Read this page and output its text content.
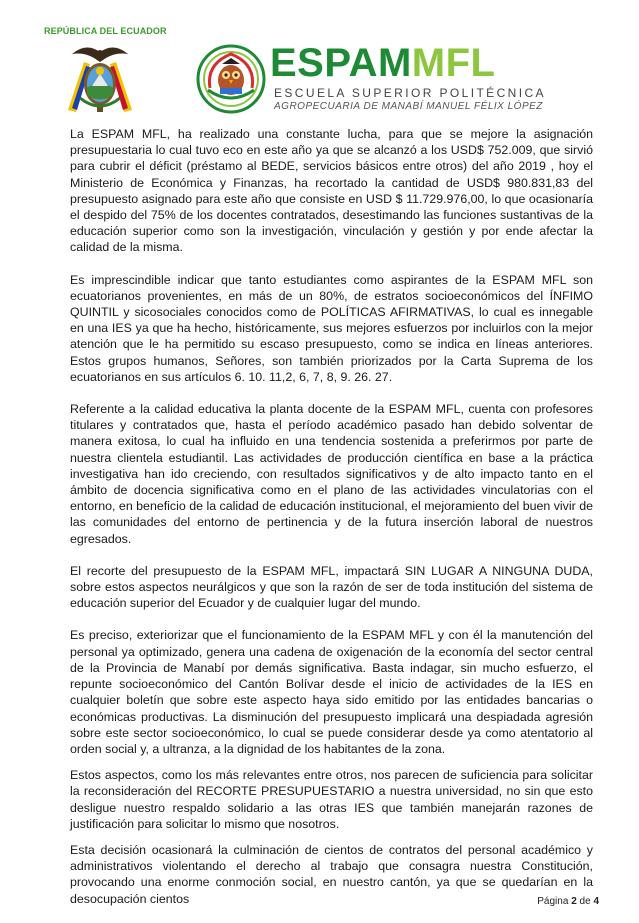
REPÚBLICA DEL ECUADOR
ESPAMMFL
ESCUELA SUPERIOR POLITÉCNICA
AGROPECUARIA DE MANABÍ MANUEL FÉLIX LÓPEZ

La ESPAM MFL, ha realizado una constante lucha, para que se mejore la asignación presupuestaria lo cual tuvo eco en este año ya que se alcanzó a los USD$ 752.009, que sirvió para cubrir el déficit (préstamo al BEDE, servicios básicos entre otros) del año 2019 , hoy el Ministerio de Económica y Finanzas, ha recortado la cantidad de USD$ 980.831,83 del presupuesto asignado para este año que consiste en USD $ 11.729.976,00, lo que ocasionaría el despido del 75% de los docentes contratados, desestimando las funciones sustantivas de la educación superior como son la investigación, vinculación y gestión y por ende afectar la calidad de la misma.

Es imprescindible indicar que tanto estudiantes como aspirantes de la ESPAM MFL son ecuatorianos provenientes, en más de un 80%, de estratos socioeconómicos del ÍNFIMO QUINTIL y sicosociales conocidos como de POLÍTICAS AFIRMATIVAS, lo cual es innegable en una IES ya que ha hecho, históricamente, sus mejores esfuerzos por incluirlos con la mejor atención que le ha permitido su escaso presupuesto, como se indica en líneas anteriores. Estos grupos humanos, Señores, son también priorizados por la Carta Suprema de los ecuatorianos en sus artículos 6. 10. 11,2, 6, 7, 8, 9. 26. 27.

Referente a la calidad educativa la planta docente de la ESPAM MFL, cuenta con profesores titulares y contratados que, hasta el período académico pasado han debido solventar de manera exitosa, lo cual ha influido en una tendencia sostenida a preferirmos por parte de nuestra clientela estudiantil. Las actividades de producción científica en base a la práctica investigativa han ido creciendo, con resultados significativos y de alto impacto tanto en el ámbito de docencia significativa como en el plano de las actividades vinculatorias con el entorno, en beneficio de la calidad de educación institucional, el mejoramiento del buen vivir de las comunidades del entorno de pertinencia y de la futura inserción laboral de nuestros egresados.

El recorte del presupuesto de la ESPAM MFL, impactará SIN LUGAR A NINGUNA DUDA, sobre estos aspectos neurálgicos y que son la razón de ser de toda institución del sistema de educación superior del Ecuador y de cualquier lugar del mundo.

Es preciso, exteriorizar que el funcionamiento de la ESPAM MFL y con él la manutención del personal ya optimizado, genera una cadena de oxigenación de la economía del sector central de la Provincia de Manabí por demás significativa. Basta indagar, sin mucho esfuerzo, el repunte socioeconómico del Cantón Bolívar desde el inicio de actividades de la IES en cualquier boletín que sobre este aspecto haya sido emitido por las entidades bancarias o económicas productivas. La disminución del presupuesto implicará una despiadada agresión sobre este sector socioeconómico, lo cual se puede considerar desde ya como atentatorio al orden social y, a ultranza, a la dignidad de los habitantes de la zona.

Estos aspectos, como los más relevantes entre otros, nos parecen de suficiencia para solicitar la reconsideración del RECORTE PRESUPUESTARIO a nuestra universidad, no sin que esto desligue nuestro respaldo solidario a las otras IES que también manejarán razones de justificación para solicitar lo mismo que nosotros.

Esta decisión ocasionará la culminación de cientos de contratos del personal académico y administrativos violentando el derecho al trabajo que consagra nuestra Constitución, provocando una enorme conmoción social, en nuestro cantón, ya que se quedarían en la desocupación cientos	Página 2 de 4
